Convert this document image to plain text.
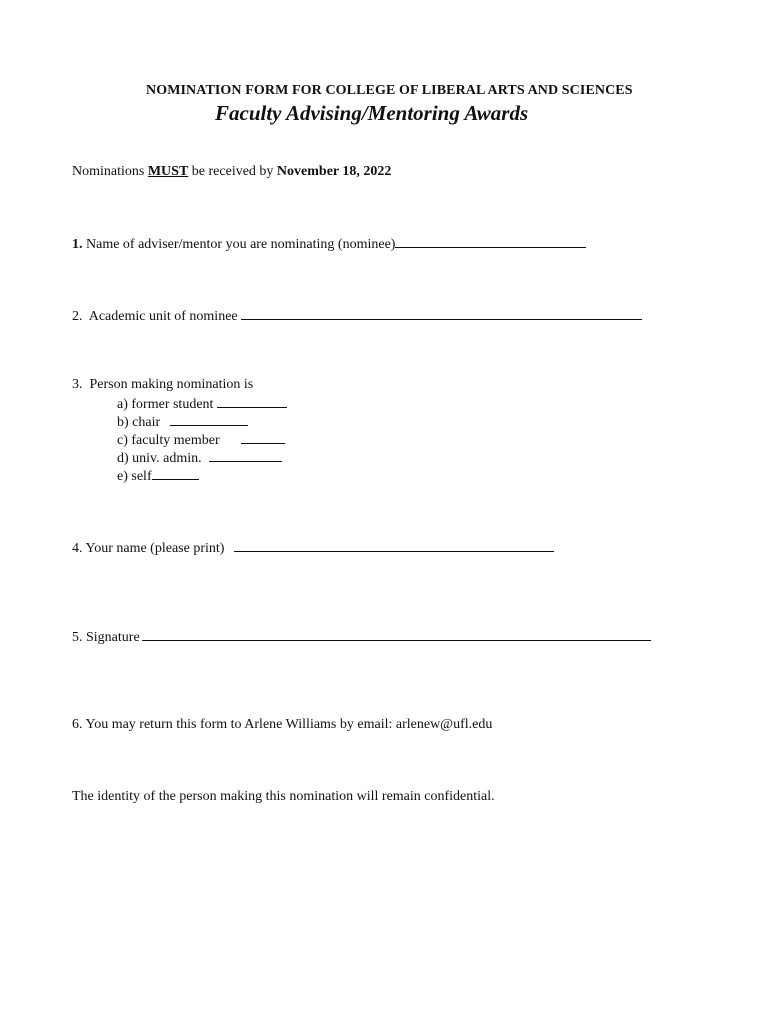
NOMINATION FORM FOR COLLEGE OF LIBERAL ARTS AND SCIENCES
Faculty Advising/Mentoring Awards
Nominations MUST be received by November 18, 2022
1. Name of adviser/mentor you are nominating (nominee)
2. Academic unit of nominee
3. Person making nomination is
a) former student
b) chair
c) faculty member
d) univ. admin.
e) self
4. Your name (please print)
5. Signature
6. You may return this form to Arlene Williams by email: arlenew@ufl.edu
The identity of the person making this nomination will remain confidential.
